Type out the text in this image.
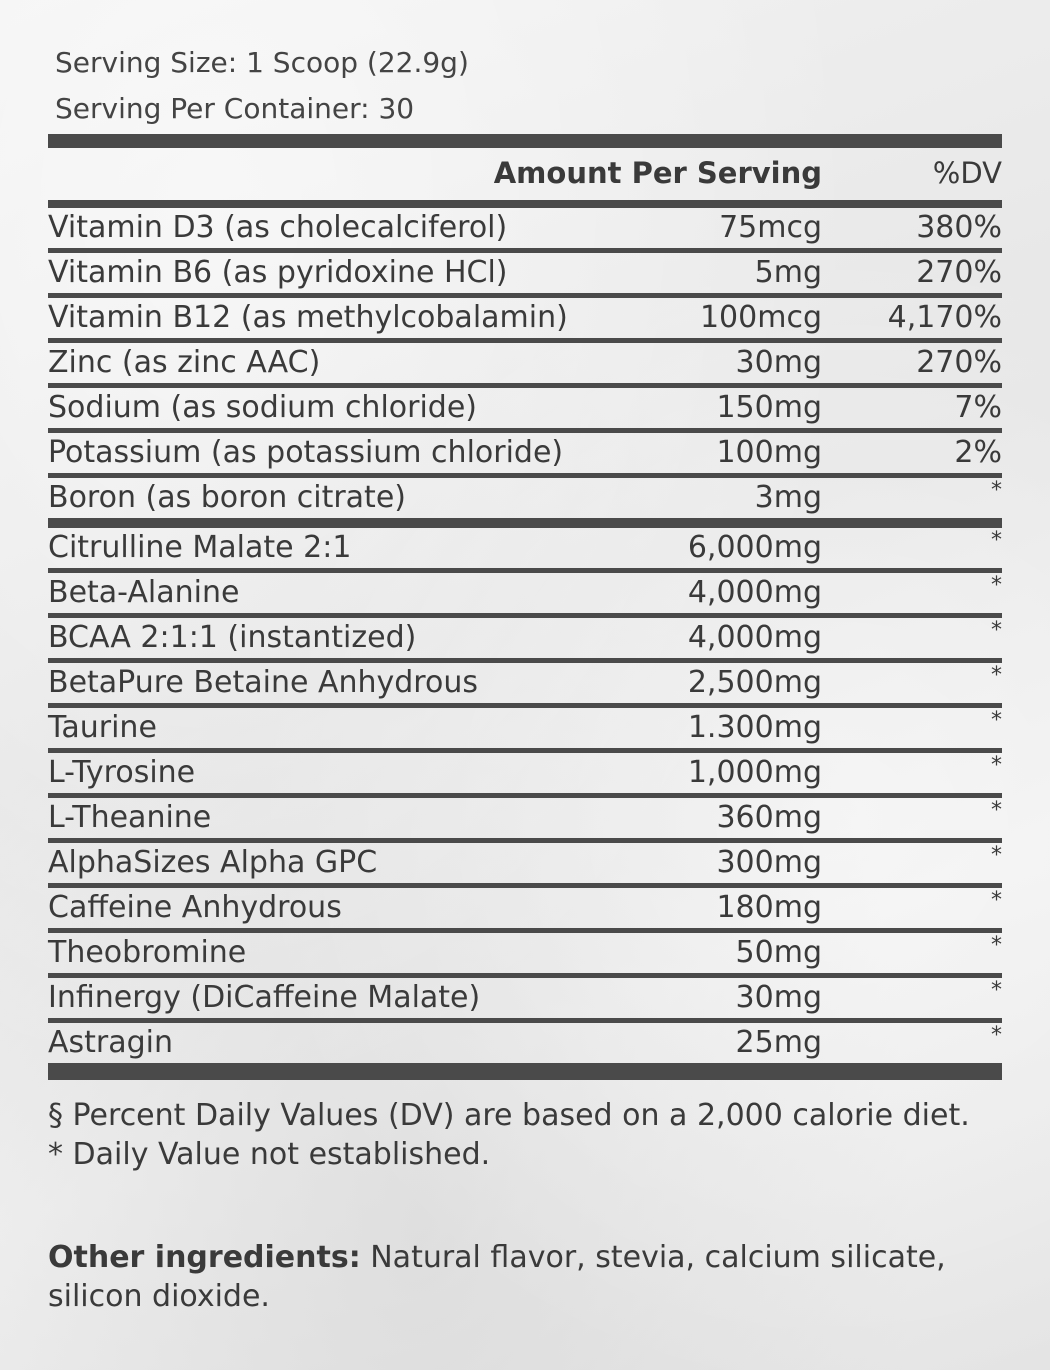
Serving Size: 1 Scoop (22.9g)
Serving Per Container: 30
Amount Per Serving	%DV
Vitamin D3 (as cholecalciferol)	75mcg	380%
Vitamin B6 (as pyridoxine HCl)	5mg	270%
Vitamin B12 (as methylcobalamin)	100mcg 4,170%
Zinc (as zinc AAC)	30mg	270%
Sodium (as sodium chloride)	150mg	7%
Potassium (as potassium chloride)	100mg	2%
Boron (as boron citrate)	3mg	*
Citrulline Malate 2:1	6,000mg	*
Beta-Alanine	4,000mg	*
BCAA 2:1:1 (instantized)	4,000mg	*
BetaPure Betaine Anhydrous	2,500mg	*
Taurine	1.300mg	*
L-Tyrosine	1,000mg	*
L-Theanine	360mg	*
AlphaSizes Alpha GPC	300mg	*
Caffeine Anhydrous	180mg	*
Theobromine	50mg	*
Infinergy (DiCaffeine Malate)	30mg	*
Astragin	25mg	*

§ Percent Daily Values (DV) are based on a 2,000 calorie diet.

* Daily Value not established.

Other ingredients: Natural flavor, stevia, calcium silicate, silicon dioxide.
